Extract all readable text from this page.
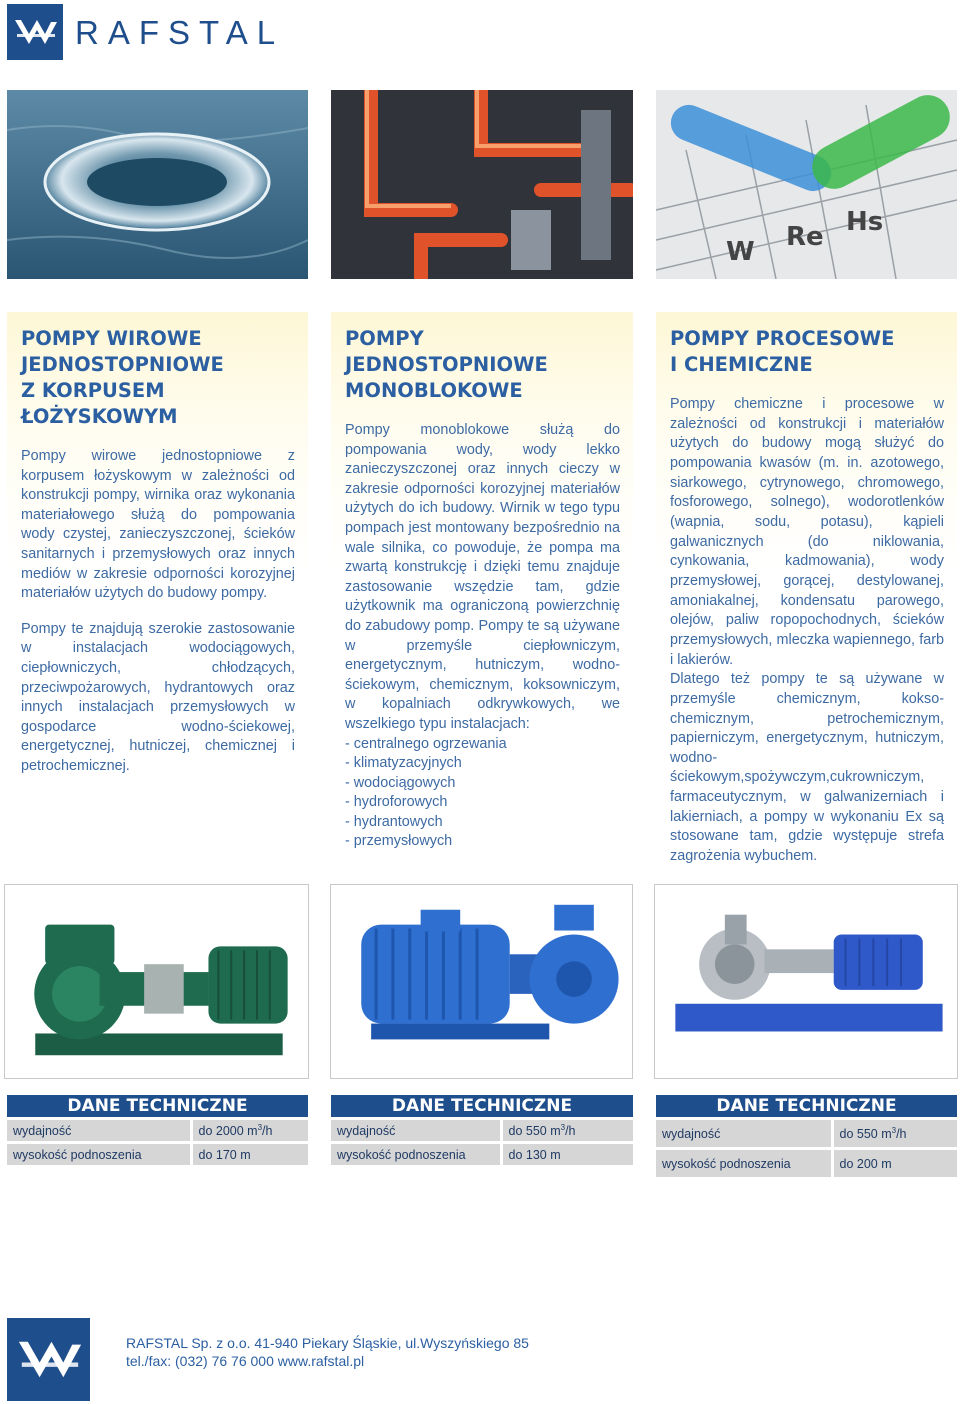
RAFSTAL
W Re Hs
POMPY WIROWE
JEDNOSTOPNIOWE
Z KORPUSEM
ŁOŻYSKOWYM

Pompy wirowe jednostopniowe z korpusem łożyskowym w zależności od konstrukcji pompy, wirnika oraz wykonania materiałowego służą do pompowania wody czystej, zanieczyszczonej, ścieków sanitarnych i przemysłowych oraz innych mediów w zakresie odporności korozyjnej materiałów użytych do budowy pompy.

Pompy te znajdują szerokie zastosowanie w instalacjach wodociągowych, ciepłowniczych, chłodzących, przeciwpożarowych, hydrantowych oraz innych instalacjach przemysłowych w gospodarce wodno-ściekowej, energetycznej, hutniczej, chemicznej i petrochemicznej.

POMPY JEDNOSTOPNIOWE
MONOBLOKOWE

Pompy monoblokowe służą do pompowania wody, wody lekko zanieczyszczonej oraz innych cieczy w zakresie odporności korozyjnej materiałów użytych do ich budowy. Wirnik w tego typu pompach jest montowany bezpośrednio na wale silnika, co powoduje, że pompa ma zwartą konstrukcję i dzięki temu znajduje zastosowanie wszędzie tam, gdzie użytkownik ma ograniczoną powierzchnię do zabudowy pomp. Pompy te są używane w przemyśle ciepłowniczym, energetycznym, hutniczym, wodno-ściekowym, chemicznym, koksowniczym, w kopalniach odkrywkowych, we wszelkiego typu instalacjach:

- centralnego ogrzewania
- klimatyzacyjnych
- wodociągowych
- hydroforowych
- hydrantowych
- przemysłowych
POMPY PROCESOWE
I CHEMICZNE

Pompy chemiczne i procesowe w zależności od konstrukcji i materiałów użytych do budowy mogą służyć do pompowania kwasów (m. in. azotowego, siarkowego, cytrynowego, chromowego, fosforowego, solnego), wodorotlenków (wapnia, sodu, potasu), kąpieli galwanicznych (do niklowania, cynkowania, kadmowania), wody przemysłowej, gorącej, destylowanej, amoniakalnej, kondensatu parowego, olejów, paliw ropopochodnych, ścieków przemysłowych, mleczka wapiennego, farb i lakierów.

Dlatego też pompy te są używane w przemyśle chemicznym, kokso-chemicznym, petrochemicznym, papierniczym, energetycznym, hutniczym, wodno-ściekowym,spożywczym,cukrowniczym, farmaceutycznym, w galwanizerniach i lakierniach, a pompy w wykonaniu Ex są stosowane tam, gdzie występuje strefa zagrożenia wybuchem.

DANE TECHNICZNE
wydajność	do 2000 $m^3/h$
wysokość podnoszenia	do 170 m
DANE TECHNICZNE
wydajność	do 550 $m^3/h$
wysokość podnoszenia	do 130 m
DANE TECHNICZNE
wydajność	do 550 $m^3/h$
wysokość podnoszenia	do 200 m
RAFSTAL Sp. z o.o. 41-940 Piekary Śląskie, ul.Wyszyńskiego 85
tel./fax: (032) 76 76 000 www.rafstal.pl
